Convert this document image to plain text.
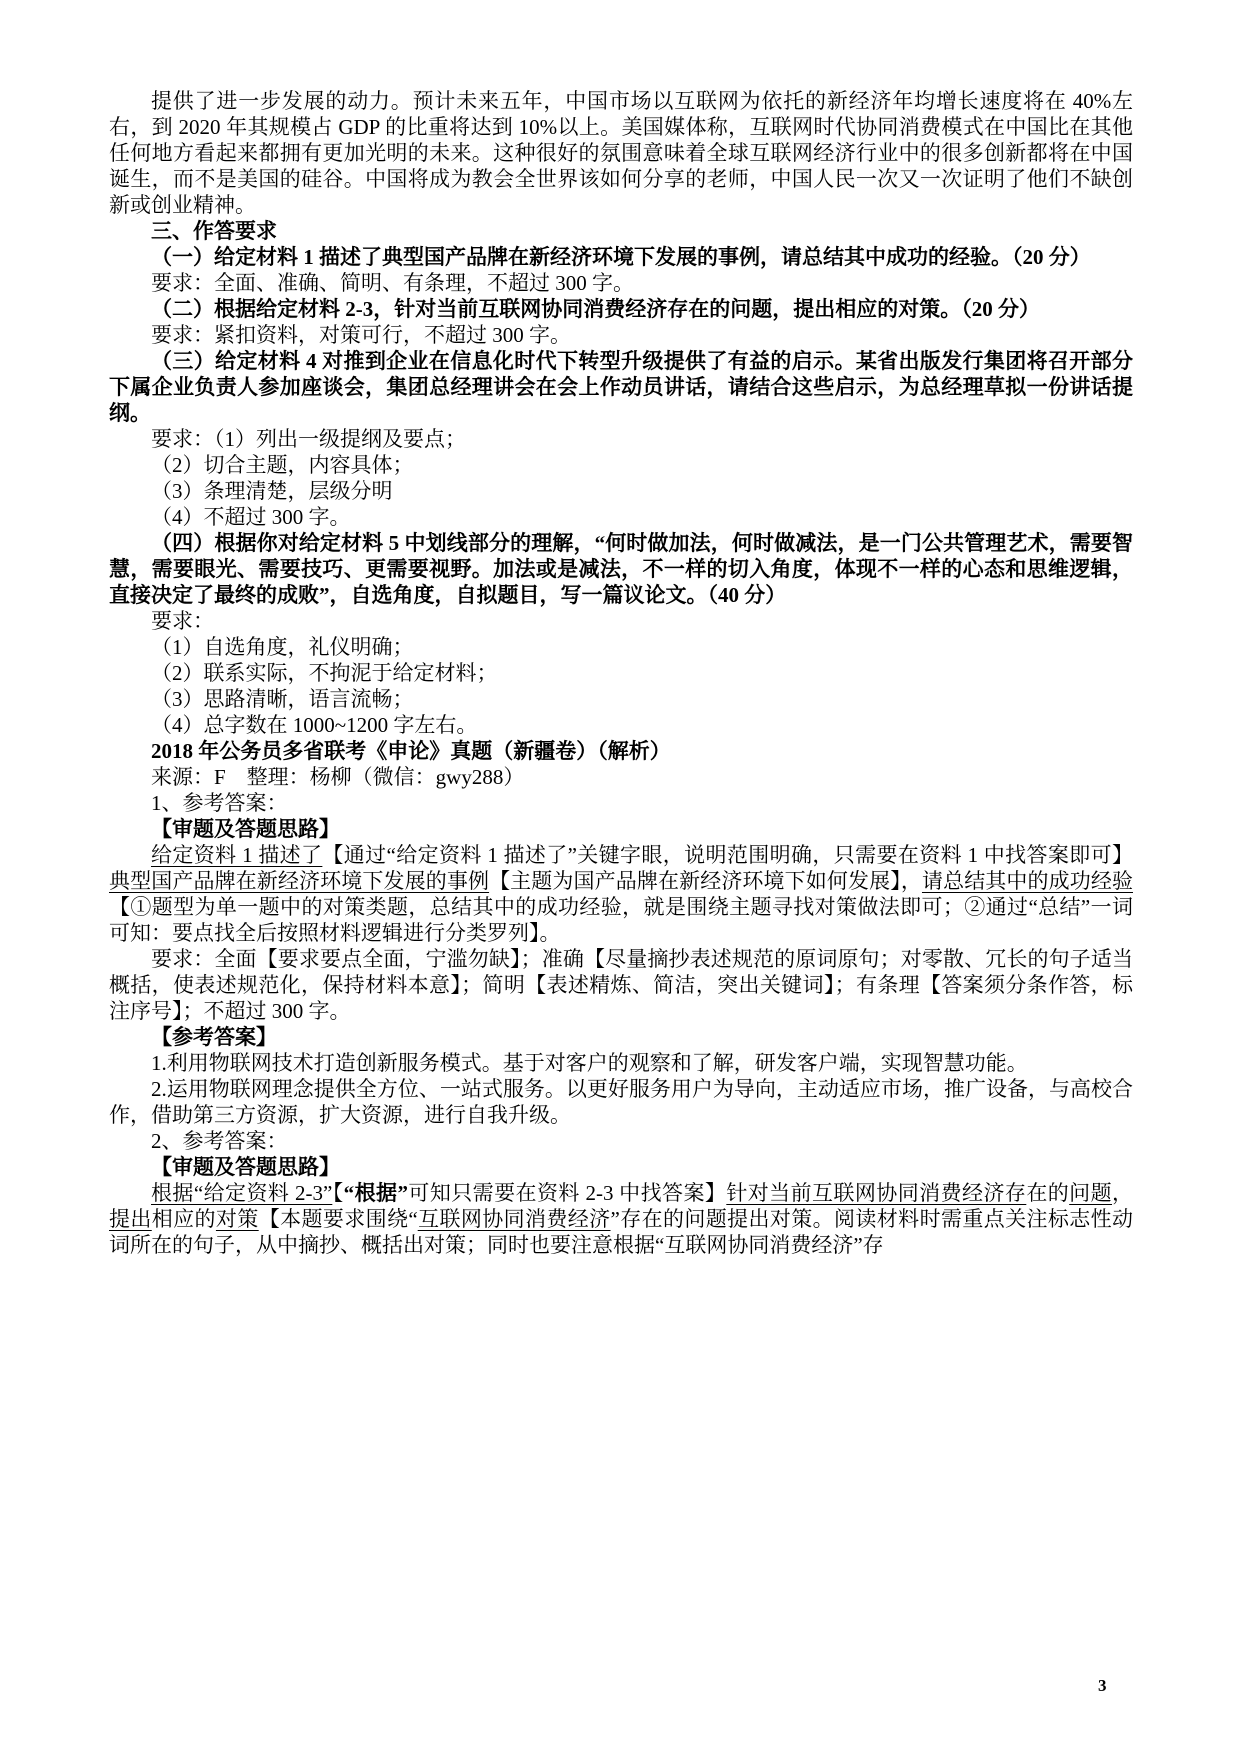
提供了进一步发展的动力。预计未来五年，中国市场以互联网为依托的新经济年均增长速度将在 40%左右，到 2020 年其规模占 GDP 的比重将达到 10%以上。美国媒体称，互联网时代协同消费模式在中国比在其他任何地方看起来都拥有更加光明的未来。这种很好的氛围意味着全球互联网经济行业中的很多创新都将在中国诞生，而不是美国的硅谷。中国将成为教会全世界该如何分享的老师，中国人民一次又一次证明了他们不缺创新或创业精神。

三、作答要求

（一）给定材料 1 描述了典型国产品牌在新经济环境下发展的事例，请总结其中成功的经验。（20 分）

要求：全面、准确、简明、有条理，不超过 300 字。

（二）根据给定材料 2-3，针对当前互联网协同消费经济存在的问题，提出相应的对策。（20 分）

要求：紧扣资料，对策可行，不超过 300 字。

（三）给定材料 4 对推到企业在信息化时代下转型升级提供了有益的启示。某省出版发行集团将召开部分下属企业负责人参加座谈会，集团总经理讲会在会上作动员讲话，请结合这些启示，为总经理草拟一份讲话提纲。

要求：（1）列出一级提纲及要点；

（2）切合主题，内容具体；

（3）条理清楚，层级分明

（4）不超过 300 字。

（四）根据你对给定材料 5 中划线部分的理解，“何时做加法，何时做减法，是一门公共管理艺术，需要智慧，需要眼光、需要技巧、更需要视野。加法或是减法，不一样的切入角度，体现不一样的心态和思维逻辑，直接决定了最终的成败”，自选角度，自拟题目，写一篇议论文。（40 分）

要求：

（1）自选角度，礼仪明确；

（2）联系实际，不拘泥于给定材料；

（3）思路清晰，语言流畅；

（4）总字数在 1000~1200 字左右。

2018 年公务员多省联考《申论》真题（新疆卷）（解析）

来源：F　整理：杨柳（微信：gwy288）

1、参考答案：

【审题及答题思路】

给定资料 1 描述了【通过“给定资料 1 描述了”关键字眼，说明范围明确，只需要在资料 1 中找答案即可】典型国产品牌在新经济环境下发展的事例【主题为国产品牌在新经济环境下如何发展】，请总结其中的成功经验【①题型为单一题中的对策类题，总结其中的成功经验，就是围绕主题寻找对策做法即可；②通过“总结”一词可知：要点找全后按照材料逻辑进行分类罗列】。

要求：全面【要求要点全面，宁滥勿缺】；准确【尽量摘抄表述规范的原词原句；对零散、冗长的句子适当概括，使表述规范化，保持材料本意】；简明【表述精炼、简洁，突出关键词】；有条理【答案须分条作答，标注序号】；不超过 300 字。

【参考答案】

1.利用物联网技术打造创新服务模式。基于对客户的观察和了解，研发客户端，实现智慧功能。

2.运用物联网理念提供全方位、一站式服务。以更好服务用户为导向，主动适应市场，推广设备，与高校合作，借助第三方资源，扩大资源，进行自我升级。

2、参考答案：

【审题及答题思路】

根据“给定资料 2-3”【“根据”可知只需要在资料 2-3 中找答案】针对当前互联网协同消费经济存在的问题，提出相应的对策【本题要求围绕“互联网协同消费经济”存在的问题提出对策。阅读材料时需重点关注标志性动词所在的句子，从中摘抄、概括出对策；同时也要注意根据“互联网协同消费经济”存

3
